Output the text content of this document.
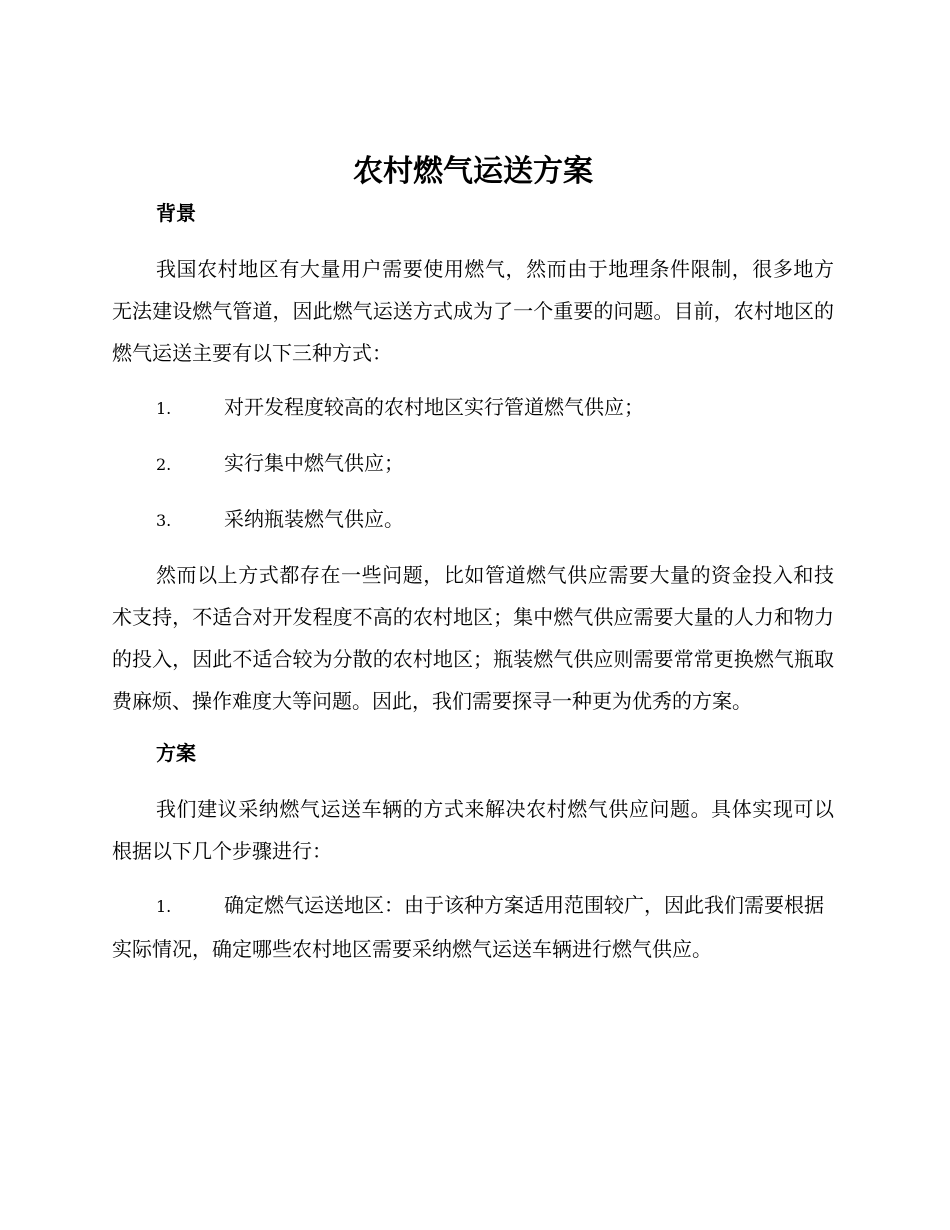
农村燃气运送方案
背景

我国农村地区有大量用户需要使用燃气，然而由于地理条件限制，很多地方无法建设燃气管道，因此燃气运送方式成为了一个重要的问题。目前，农村地区的燃气运送主要有以下三种方式：

1.	对开发程度较高的农村地区实行管道燃气供应；

2.	实行集中燃气供应；

3.	采纳瓶装燃气供应。

然而以上方式都存在一些问题，比如管道燃气供应需要大量的资金投入和技术支持，不适合对开发程度不高的农村地区；集中燃气供应需要大量的人力和物力的投入，因此不适合较为分散的农村地区；瓶装燃气供应则需要常常更换燃气瓶取费麻烦、操作难度大等问题。因此，我们需要探寻一种更为优秀的方案。

方案

我们建议采纳燃气运送车辆的方式来解决农村燃气供应问题。具体实现可以根据以下几个步骤进行：

1.	确定燃气运送地区：由于该种方案适用范围较广，因此我们需要根据实际情况，确定哪些农村地区需要采纳燃气运送车辆进行燃气供应。
